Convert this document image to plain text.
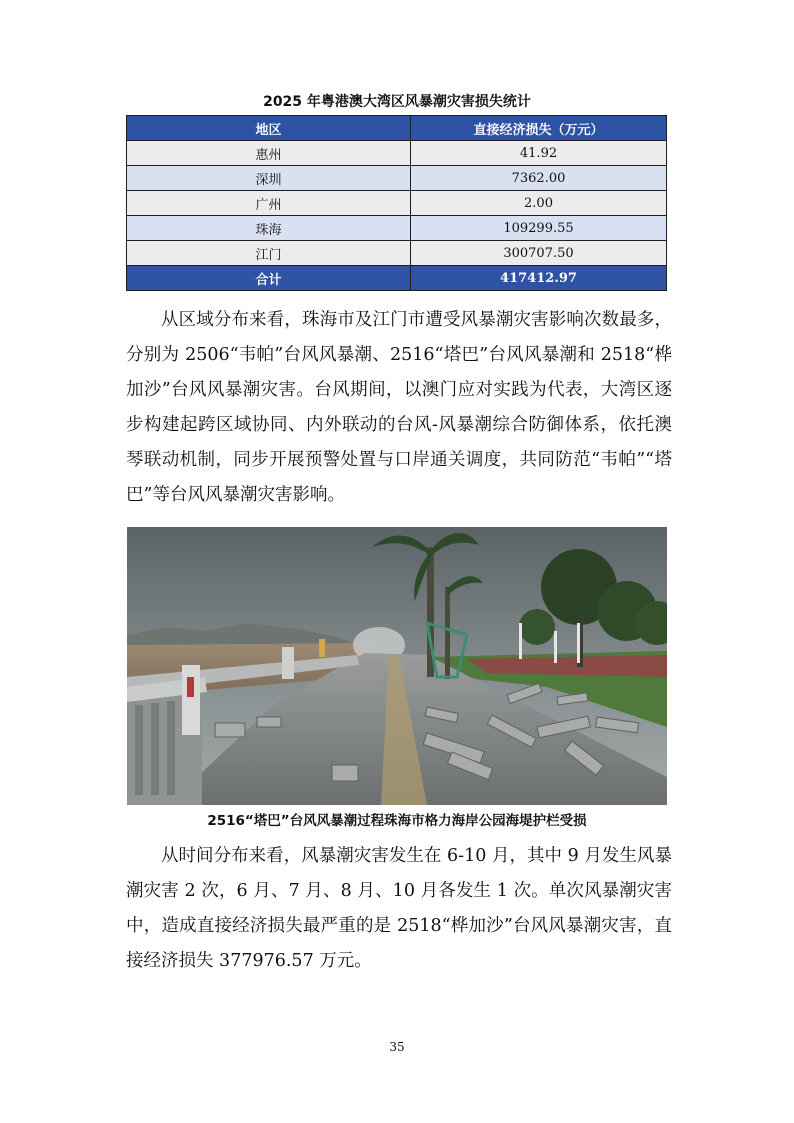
2025 年粤港澳大湾区风暴潮灾害损失统计
地区	直接经济损失（万元）
惠州	41.92
深圳	7362.00
广州	2.00
珠海	109299.55
江门	300707.50
合计	417412.97

从区域分布来看，珠海市及江门市遭受风暴潮灾害影响次数最多，分别为 2506“韦帕”台风风暴潮、2516“塔巴”台风风暴潮和 2518“桦加沙”台风风暴潮灾害。台风期间，以澳门应对实践为代表，大湾区逐步构建起跨区域协同、内外联动的台风-风暴潮综合防御体系，依托澳琴联动机制，同步开展预警处置与口岸通关调度，共同防范“韦帕”“塔巴”等台风风暴潮灾害影响。

2516“塔巴”台风风暴潮过程珠海市格力海岸公园海堤护栏受损

从时间分布来看，风暴潮灾害发生在 6-10 月，其中 9 月发生风暴潮灾害 2 次，6 月、7 月、8 月、10 月各发生 1 次。单次风暴潮灾害中，造成直接经济损失最严重的是 2518“桦加沙”台风风暴潮灾害，直接经济损失 377976.57 万元。

35
